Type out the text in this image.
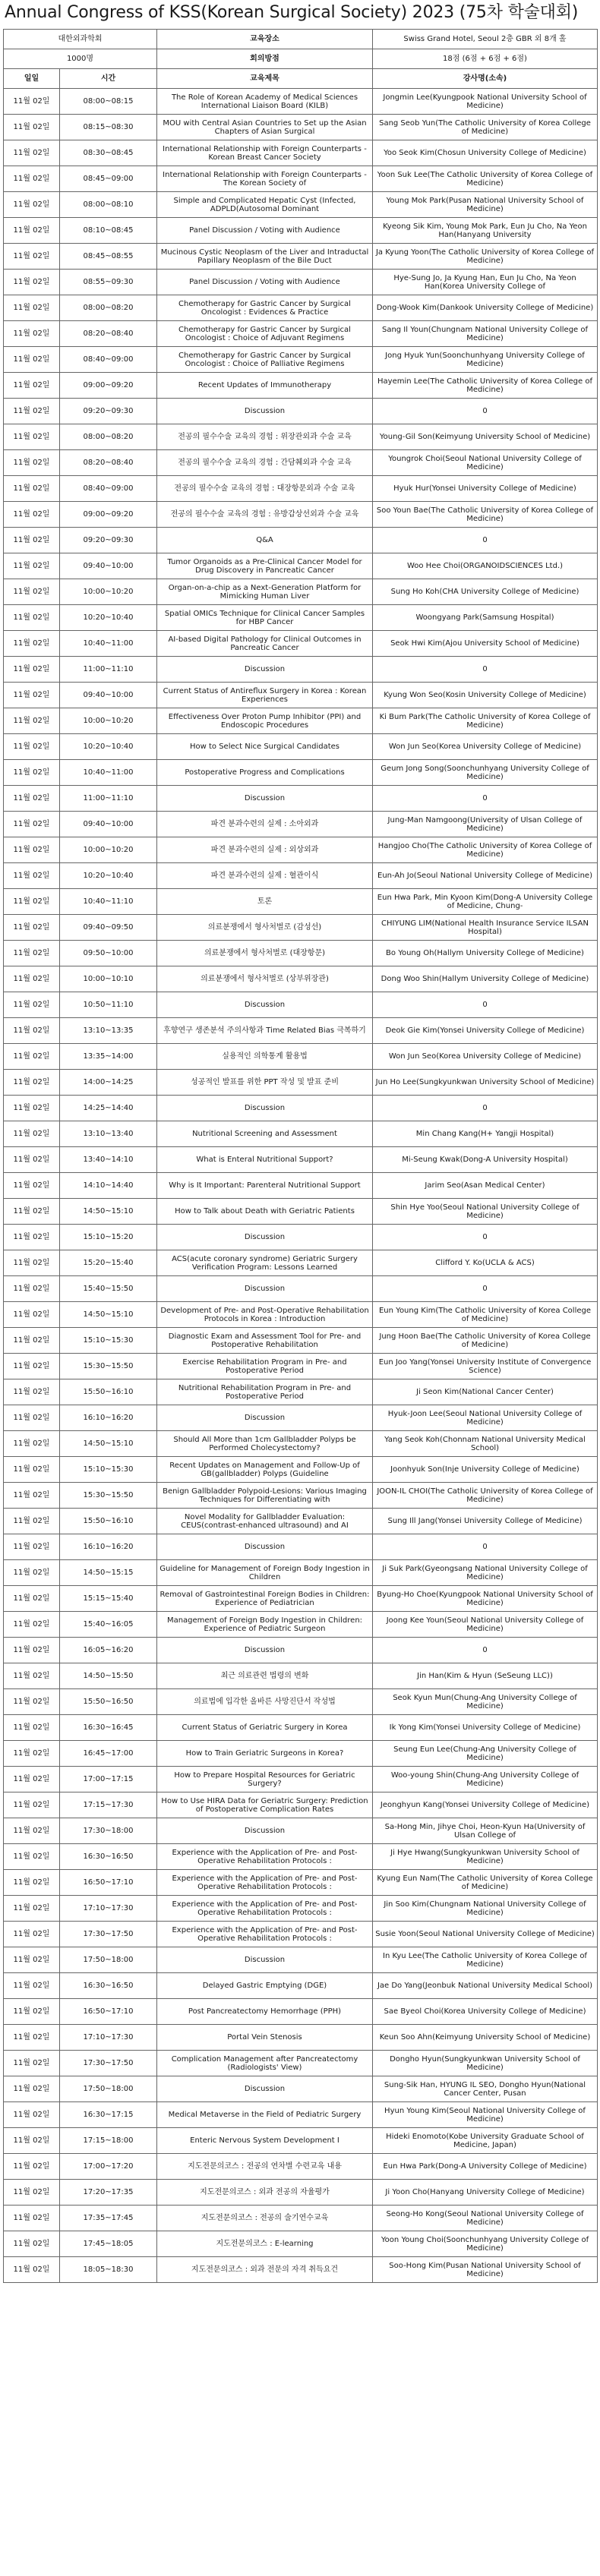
Annual Congress of KSS(Korean Surgical Society) 2023 (75차 학술대회)
대한외과학회		교육장소	Swiss Grand Hotel, Seoul 2층 GBR 외 8개 홀
1000명		회의방점	18점 (6점 + 6점 + 6점)
일일	시간	교육제목	강사명(소속)
11월 02일	08:00~08:15	The Role of Korean Academy of Medical Sciences International Liaison Board (KILB)	Jongmin Lee(Kyungpook National University School of Medicine)
11월 02일	08:15~08:30	MOU with Central Asian Countries to Set up the Asian Chapters of Asian Surgical	Sang Seob Yun(The Catholic University of Korea College of Medicine)
11월 02일	08:30~08:45	International Relationship with Foreign Counterparts - Korean Breast Cancer Society	Yoo Seok Kim(Chosun University College of Medicine)
11월 02일	08:45~09:00	International Relationship with Foreign Counterparts - The Korean Society of	Yoon Suk Lee(The Catholic University of Korea College of Medicine)
11월 02일	08:00~08:10	Simple and Complicated Hepatic Cyst (Infected, ADPLD(Autosomal Dominant	Young Mok Park(Pusan National University School of Medicine)
11월 02일	08:10~08:45	Panel Discussion / Voting with Audience	Kyeong Sik Kim, Young Mok Park, Eun Ju Cho, Na Yeon Han(Hanyang University
11월 02일	08:45~08:55	Mucinous Cystic Neoplasm of the Liver and Intraductal Papillary Neoplasm of the Bile Duct	Ja Kyung Yoon(The Catholic University of Korea College of Medicine)
11월 02일	08:55~09:30	Panel Discussion / Voting with Audience	Hye-Sung Jo, Ja Kyung Han, Eun Ju Cho, Na Yeon Han(Korea University College of
11월 02일	08:00~08:20	Chemotherapy for Gastric Cancer by Surgical Oncologist : Evidences & Practice	Dong-Wook Kim(Dankook University College of Medicine)
11월 02일	08:20~08:40	Chemotherapy for Gastric Cancer by Surgical Oncologist : Choice of Adjuvant Regimens	Sang Il Youn(Chungnam National University College of Medicine)
11월 02일	08:40~09:00	Chemotherapy for Gastric Cancer by Surgical Oncologist : Choice of Palliative Regimens	Jong Hyuk Yun(Soonchunhyang University College of Medicine)
11월 02일	09:00~09:20	Recent Updates of Immunotherapy	Hayemin Lee(The Catholic University of Korea College of Medicine)
11월 02일	09:20~09:30	Discussion	0
11월 02일	08:00~08:20	전공의 필수수술 교육의 경험 : 위장관외과 수술 교육	Young-Gil Son(Keimyung University School of Medicine)
11월 02일	08:20~08:40	전공의 필수수술 교육의 경험 : 간담췌외과 수술 교육	Youngrok Choi(Seoul National University College of Medicine)
11월 02일	08:40~09:00	전공의 필수수술 교육의 경험 : 대장항문외과 수술 교육	Hyuk Hur(Yonsei University College of Medicine)
11월 02일	09:00~09:20	전공의 필수수술 교육의 경험 : 유방갑상선외과 수술 교육	Soo Youn Bae(The Catholic University of Korea College of Medicine)
11월 02일	09:20~09:30	Q&A	0
11월 02일	09:40~10:00	Tumor Organoids as a Pre-Clinical Cancer Model for Drug Discovery in Pancreatic Cancer	Woo Hee Choi(ORGANOIDSCIENCES Ltd.)
11월 02일	10:00~10:20	Organ-on-a-chip as a Next-Generation Platform for Mimicking Human Liver	Sung Ho Koh(CHA University College of Medicine)
11월 02일	10:20~10:40	Spatial OMICs Technique for Clinical Cancer Samples for HBP Cancer	Woongyang Park(Samsung Hospital)
11월 02일	10:40~11:00	AI-based Digital Pathology for Clinical Outcomes in Pancreatic Cancer	Seok Hwi Kim(Ajou University School of Medicine)
11월 02일	11:00~11:10	Discussion	0
11월 02일	09:40~10:00	Current Status of Antireflux Surgery in Korea : Korean Experiences	Kyung Won Seo(Kosin University College of Medicine)
11월 02일	10:00~10:20	Effectiveness Over Proton Pump Inhibitor (PPI) and Endoscopic Procedures	Ki Bum Park(The Catholic University of Korea College of Medicine)
11월 02일	10:20~10:40	How to Select Nice Surgical Candidates	Won Jun Seo(Korea University College of Medicine)
11월 02일	10:40~11:00	Postoperative Progress and Complications	Geum Jong Song(Soonchunhyang University College of Medicine)
11월 02일	11:00~11:10	Discussion	0
11월 02일	09:40~10:00	파견 분과수련의 실제 : 소아외과	Jung-Man Namgoong(University of Ulsan College of Medicine)
11월 02일	10:00~10:20	파견 분과수련의 실제 : 외상외과	Hangjoo Cho(The Catholic University of Korea College of Medicine)
11월 02일	10:20~10:40	파견 분과수련의 실제 : 혈관이식	Eun-Ah Jo(Seoul National University College of Medicine)
11월 02일	10:40~11:10	토론	Eun Hwa Park, Min Kyoon Kim(Dong-A University College of Medicine, Chung-
11월 02일	09:40~09:50	의료분쟁에서 형사처벌로 (감성선)	CHIYUNG LIM(National Health Insurance Service ILSAN Hospital)
11월 02일	09:50~10:00	의료분쟁에서 형사처벌로 (대장항문)	Bo Young Oh(Hallym University College of Medicine)
11월 02일	10:00~10:10	의료분쟁에서 형사처벌로 (상부위장관)	Dong Woo Shin(Hallym University College of Medicine)
11월 02일	10:50~11:10	Discussion	0
11월 02일	13:10~13:35	후향연구 생존분석 주의사항과 Time Related Bias 극복하기	Deok Gie Kim(Yonsei University College of Medicine)
11월 02일	13:35~14:00	실용적인 의학통계 활용법	Won Jun Seo(Korea University College of Medicine)
11월 02일	14:00~14:25	성공적인 발표를 위한 PPT 작성 및 발표 준비	Jun Ho Lee(Sungkyunkwan University School of Medicine)
11월 02일	14:25~14:40	Discussion	0
11월 02일	13:10~13:40	Nutritional Screening and Assessment	Min Chang Kang(H+ Yangji Hospital)
11월 02일	13:40~14:10	What is Enteral Nutritional Support?	Mi-Seung Kwak(Dong-A University Hospital)
11월 02일	14:10~14:40	Why is It Important: Parenteral Nutritional Support	Jarim Seo(Asan Medical Center)
11월 02일	14:50~15:10	How to Talk about Death with Geriatric Patients	Shin Hye Yoo(Seoul National University College of Medicine)
11월 02일	15:10~15:20	Discussion	0
11월 02일	15:20~15:40	ACS(acute coronary syndrome) Geriatric Surgery Verification Program: Lessons Learned	Clifford Y. Ko(UCLA & ACS)
11월 02일	15:40~15:50	Discussion	0
11월 02일	14:50~15:10	Development of Pre- and Post-Operative Rehabilitation Protocols in Korea : Introduction	Eun Young Kim(The Catholic University of Korea College of Medicine)
11월 02일	15:10~15:30	Diagnostic Exam and Assessment Tool for Pre- and Postoperative Rehabilitation	Jung Hoon Bae(The Catholic University of Korea College of Medicine)
11월 02일	15:30~15:50	Exercise Rehabilitation Program in Pre- and Postoperative Period	Eun Joo Yang(Yonsei University Institute of Convergence Science)
11월 02일	15:50~16:10	Nutritional Rehabilitation Program in Pre- and Postoperative Period	Ji Seon Kim(National Cancer Center)
11월 02일	16:10~16:20	Discussion	Hyuk-Joon Lee(Seoul National University College of Medicine)
11월 02일	14:50~15:10	Should All More than 1cm Gallbladder Polyps be Performed Cholecystectomy?	Yang Seok Koh(Chonnam National University Medical School)
11월 02일	15:10~15:30	Recent Updates on Management and Follow-Up of GB(gallbladder) Polyps (Guideline	Joonhyuk Son(Inje University College of Medicine)
11월 02일	15:30~15:50	Benign Gallbladder Polypoid-Lesions: Various Imaging Techniques for Differentiating with	JOON-IL CHOI(The Catholic University of Korea College of Medicine)
11월 02일	15:50~16:10	Novel Modality for Gallbladder Evaluation: CEUS(contrast-enhanced ultrasound) and AI	Sung Ill Jang(Yonsei University College of Medicine)
11월 02일	16:10~16:20	Discussion	0
11월 02일	14:50~15:15	Guideline for Management of Foreign Body Ingestion in Children	Ji Suk Park(Gyeongsang National University College of Medicine)
11월 02일	15:15~15:40	Removal of Gastrointestinal Foreign Bodies in Children: Experience of Pediatrician	Byung-Ho Choe(Kyungpook National University School of Medicine)
11월 02일	15:40~16:05	Management of Foreign Body Ingestion in Children: Experience of Pediatric Surgeon	Joong Kee Youn(Seoul National University College of Medicine)
11월 02일	16:05~16:20	Discussion	0
11월 02일	14:50~15:50	최근 의료관련 법령의 변화	Jin Han(Kim & Hyun (SeSeung LLC))
11월 02일	15:50~16:50	의료법에 입각한 올바른 사망진단서 작성법	Seok Kyun Mun(Chung-Ang University College of Medicine)
11월 02일	16:30~16:45	Current Status of Geriatric Surgery in Korea	Ik Yong Kim(Yonsei University College of Medicine)
11월 02일	16:45~17:00	How to Train Geriatric Surgeons in Korea?	Seung Eun Lee(Chung-Ang University College of Medicine)
11월 02일	17:00~17:15	How to Prepare Hospital Resources for Geriatric Surgery?	Woo-young Shin(Chung-Ang University College of Medicine)
11월 02일	17:15~17:30	How to Use HIRA Data for Geriatric Surgery: Prediction of Postoperative Complication Rates	Jeonghyun Kang(Yonsei University College of Medicine)
11월 02일	17:30~18:00	Discussion	Sa-Hong Min, Jihye Choi, Heon-Kyun Ha(University of Ulsan College of
11월 02일	16:30~16:50	Experience with the Application of Pre- and Post-Operative Rehabilitation Protocols :	Ji Hye Hwang(Sungkyunkwan University School of Medicine)
11월 02일	16:50~17:10	Experience with the Application of Pre- and Post-Operative Rehabilitation Protocols :	Kyung Eun Nam(The Catholic University of Korea College of Medicine)
11월 02일	17:10~17:30	Experience with the Application of Pre- and Post-Operative Rehabilitation Protocols :	Jin Soo Kim(Chungnam National University College of Medicine)
11월 02일	17:30~17:50	Experience with the Application of Pre- and Post-Operative Rehabilitation Protocols :	Susie Yoon(Seoul National University College of Medicine)
11월 02일	17:50~18:00	Discussion	In Kyu Lee(The Catholic University of Korea College of Medicine)
11월 02일	16:30~16:50	Delayed Gastric Emptying (DGE)	Jae Do Yang(Jeonbuk National University Medical School)
11월 02일	16:50~17:10	Post Pancreatectomy Hemorrhage (PPH)	Sae Byeol Choi(Korea University College of Medicine)
11월 02일	17:10~17:30	Portal Vein Stenosis	Keun Soo Ahn(Keimyung University School of Medicine)
11월 02일	17:30~17:50	Complication Management after Pancreatectomy (Radiologists' View)	Dongho Hyun(Sungkyunkwan University School of Medicine)
11월 02일	17:50~18:00	Discussion	Sung-Sik Han, HYUNG IL SEO, Dongho Hyun(National Cancer Center, Pusan
11월 02일	16:30~17:15	Medical Metaverse in the Field of Pediatric Surgery	Hyun Young Kim(Seoul National University College of Medicine)
11월 02일	17:15~18:00	Enteric Nervous System Development I	Hideki Enomoto(Kobe University Graduate School of Medicine, Japan)
11월 02일	17:00~17:20	지도전문의코스 : 전공의 연차별 수련교육 내용	Eun Hwa Park(Dong-A University College of Medicine)
11월 02일	17:20~17:35	지도전문의코스 : 외과 전공의 자율평가	Ji Yoon Cho(Hanyang University College of Medicine)
11월 02일	17:35~17:45	지도전문의코스 : 전공의 술기연수교육	Seong-Ho Kong(Seoul National University College of Medicine)
11월 02일	17:45~18:05	지도전문의코스 : E-learning	Yoon Young Choi(Soonchunhyang University College of Medicine)
11월 02일	18:05~18:30	지도전문의코스 : 외과 전문의 자격 취득요건	Soo-Hong Kim(Pusan National University School of Medicine)
